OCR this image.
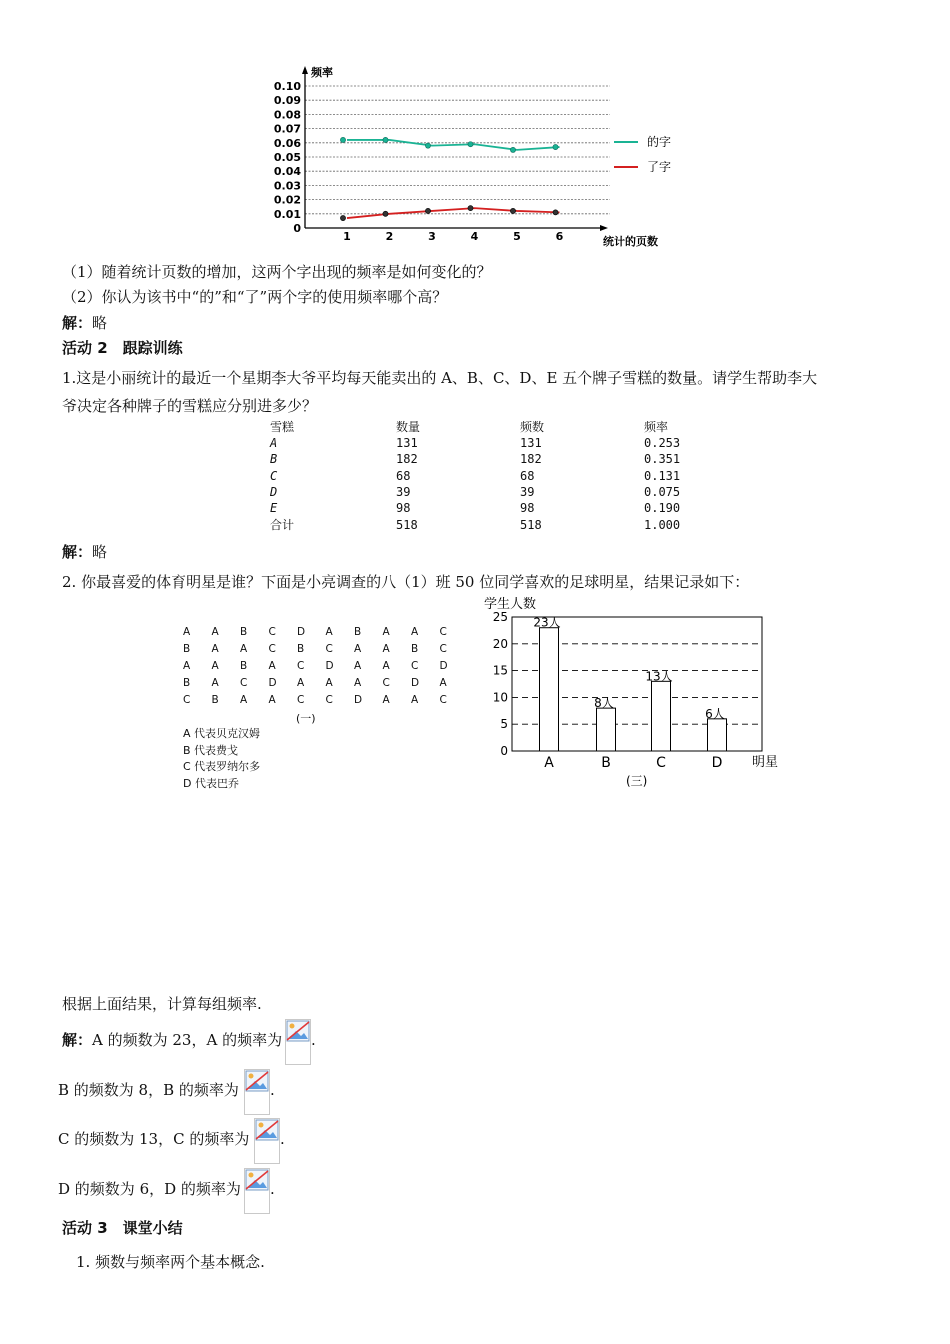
0
0.01
0.02
0.03
0.04
0.05
0.06
0.07
0.08
0.09
0.10
1	2	3	4	5	6
频率
统计的页数
的字
了字
（1）随着统计页数的增加，这两个字出现的频率是如何变化的？
（2）你认为该书中“的”和“了”两个字的使用频率哪个高？
解：略
活动 2　跟踪训练
1.这是小丽统计的最近一个星期李大爷平均每天能卖出的 A、B、C、D、E 五个牌子雪糕的数量。请学生帮助李大
爷决定各种牌子的雪糕应分别进多少？
雪糕	数量	频数	频率
A	131	131	0.253
B	182	182	0.351
C	68	68	0.131
D	39	39	0.075
E	98	98	0.190
合计	518	518	1.000
解：略
2. 你最喜爱的体育明星是谁？下面是小亮调查的八（1）班 50 位同学喜欢的足球明星，结果记录如下：
A	A	B	C	D	A	B	A	A	C
B	A	A	C	B	C	A	A	B	C
A	A	B	A	C	D	A	A	C	D
B	A	C	D	A	A	A	C	D	A
C	B	A	A	C	C	D	A	A	C
(一)
A 代表贝克汉姆
B 代表费戈
C 代表罗纳尔多
D 代表巴乔
学生人数
0
5
10
15
20
25 23人
A
8人
B
13人
C
6人
D 明星
(三)
根据上面结果，计算每组频率.
解：A 的频数为 23，A 的频率为 .
B 的频数为 8，B 的频率为 .
C 的频数为 13，C 的频率为 .
D 的频数为 6，D 的频率为 .
活动 3　课堂小结
1. 频数与频率两个基本概念.
